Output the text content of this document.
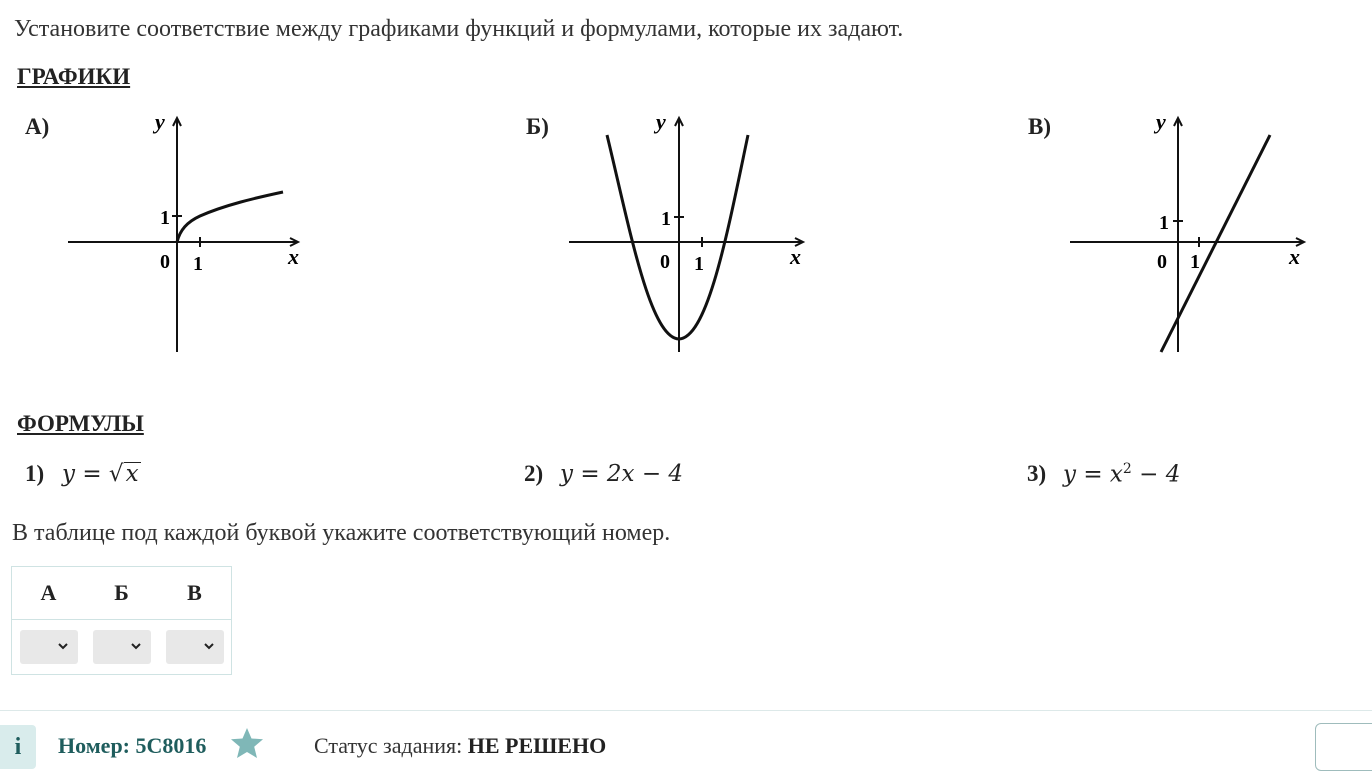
Установите соответствие между графиками функций и формулами, которые их задают.
ГРАФИКИ
А)	y
x
1
0 1
Б)	y
x
1
0 1
В)	y
x
1
0 1
ФОРМУЛЫ
1) y = √x	2) y = 2x − 4	3) $y = x^2 - 4$
В таблице под каждой буквой укажите соответствующий номер.
А	Б	В

i	Номер: 5C8016	Статус задания: НЕ РЕШЕНО
